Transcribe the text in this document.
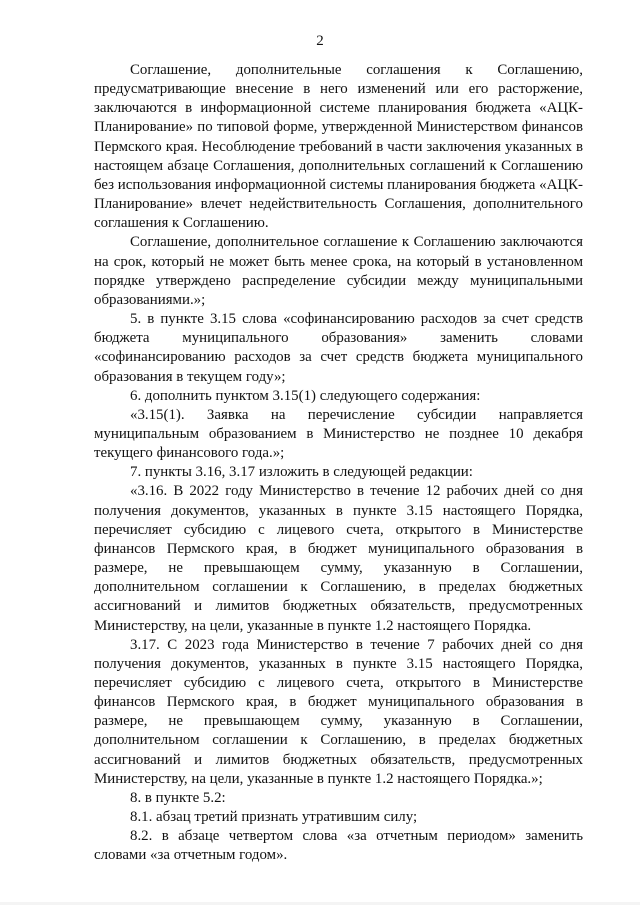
2

Соглашение, дополнительные соглашения к Соглашению, предусматривающие внесение в него изменений или его расторжение, заключаются в информационной системе планирования бюджета «АЦК-Планирование» по типовой форме, утвержденной Министерством финансов Пермского края. Несоблюдение требований в части заключения указанных в настоящем абзаце Соглашения, дополнительных соглашений к Соглашению без использования информационной системы планирования бюджета «АЦК-Планирование» влечет недействительность Соглашения, дополнительного соглашения к Соглашению.

Соглашение, дополнительное соглашение к Соглашению заключаются на срок, который не может быть менее срока, на который в установленном порядке утверждено распределение субсидии между муниципальными образованиями.»;

5. в пункте 3.15 слова «софинансированию расходов за счет средств бюджета муниципального образования» заменить словами «софинансированию расходов за счет средств бюджета муниципального образования в текущем году»;

6. дополнить пунктом 3.15(1) следующего содержания:

«3.15(1). Заявка на перечисление субсидии направляется муниципальным образованием в Министерство не позднее 10 декабря текущего финансового года.»;

7. пункты 3.16, 3.17 изложить в следующей редакции:

«3.16. В 2022 году Министерство в течение 12 рабочих дней со дня получения документов, указанных в пункте 3.15 настоящего Порядка, перечисляет субсидию с лицевого счета, открытого в Министерстве финансов Пермского края, в бюджет муниципального образования в размере, не превышающем сумму, указанную в Соглашении, дополнительном соглашении к Соглашению, в пределах бюджетных ассигнований и лимитов бюджетных обязательств, предусмотренных Министерству, на цели, указанные в пункте 1.2 настоящего Порядка.

3.17. С 2023 года Министерство в течение 7 рабочих дней со дня получения документов, указанных в пункте 3.15 настоящего Порядка, перечисляет субсидию с лицевого счета, открытого в Министерстве финансов Пермского края, в бюджет муниципального образования в размере, не превышающем сумму, указанную в Соглашении, дополнительном соглашении к Соглашению, в пределах бюджетных ассигнований и лимитов бюджетных обязательств, предусмотренных Министерству, на цели, указанные в пункте 1.2 настоящего Порядка.»;

8. в пункте 5.2:

8.1. абзац третий признать утратившим силу;

8.2. в абзаце четвертом слова «за отчетным периодом» заменить словами «за отчетным годом».
